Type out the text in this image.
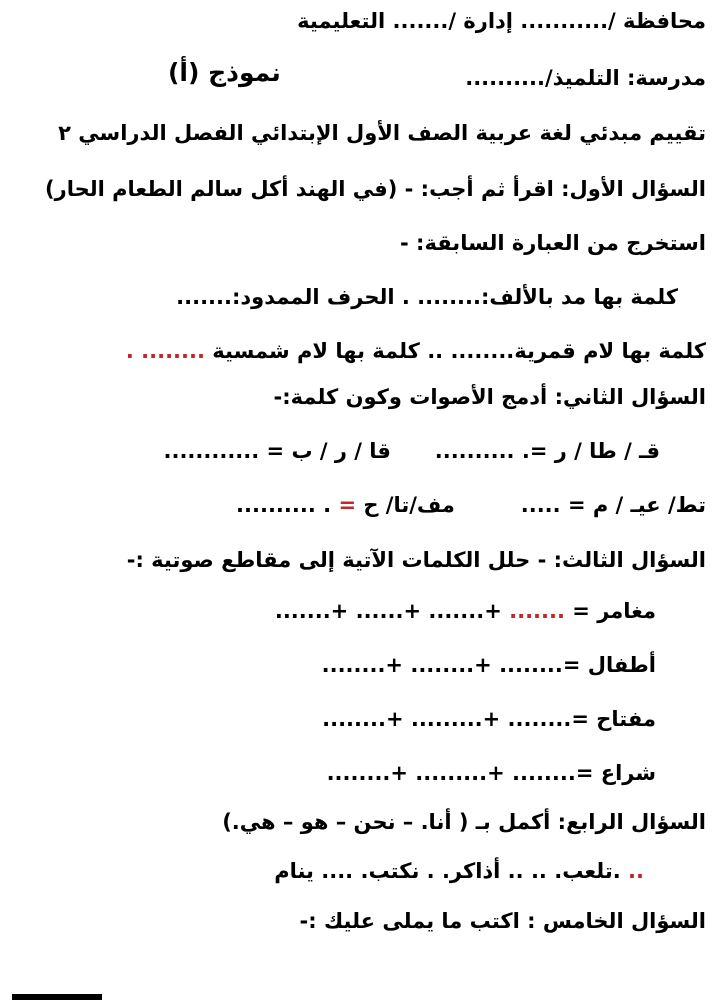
محافظة /........... إدارة /....... التعليمية
مدرسة: التلميذ/..........
نموذج (أ)
تقييم مبدئي لغة عربية الصف الأول الإبتدائي الفصل الدراسي ٢
السؤال الأول: اقرأ ثم أجب: - (في الهند أكل سالم الطعام الحار)
استخرج من العبارة السابقة: -
كلمة بها مد بالألف:........ . الحرف الممدود:.......
كلمة بها لام قمرية........ .. كلمة بها لام شمسية ........ .
السؤال الثاني: أدمج الأصوات وكون كلمة:-
قـ / طا / ر =. ..........      قا / ر / ب = ............
تط/ عيـ / م = .....         مف/تا/ ح = . ..........
السؤال الثالث: - حلل الكلمات الآتية إلى مقاطع صوتية :-
مغامر = ....... +....... +...... +.......
أطفال =........ +........ +........
مفتاح =........ +......... +........
شراع =........ +......... +........
السؤال الرابع: أكمل بـ ( أنا. – نحن – هو – هي.)
.. .تلعب. .. .. أذاكر. . نكتب. .... ينام
السؤال الخامس : اكتب ما يملى عليك :-
